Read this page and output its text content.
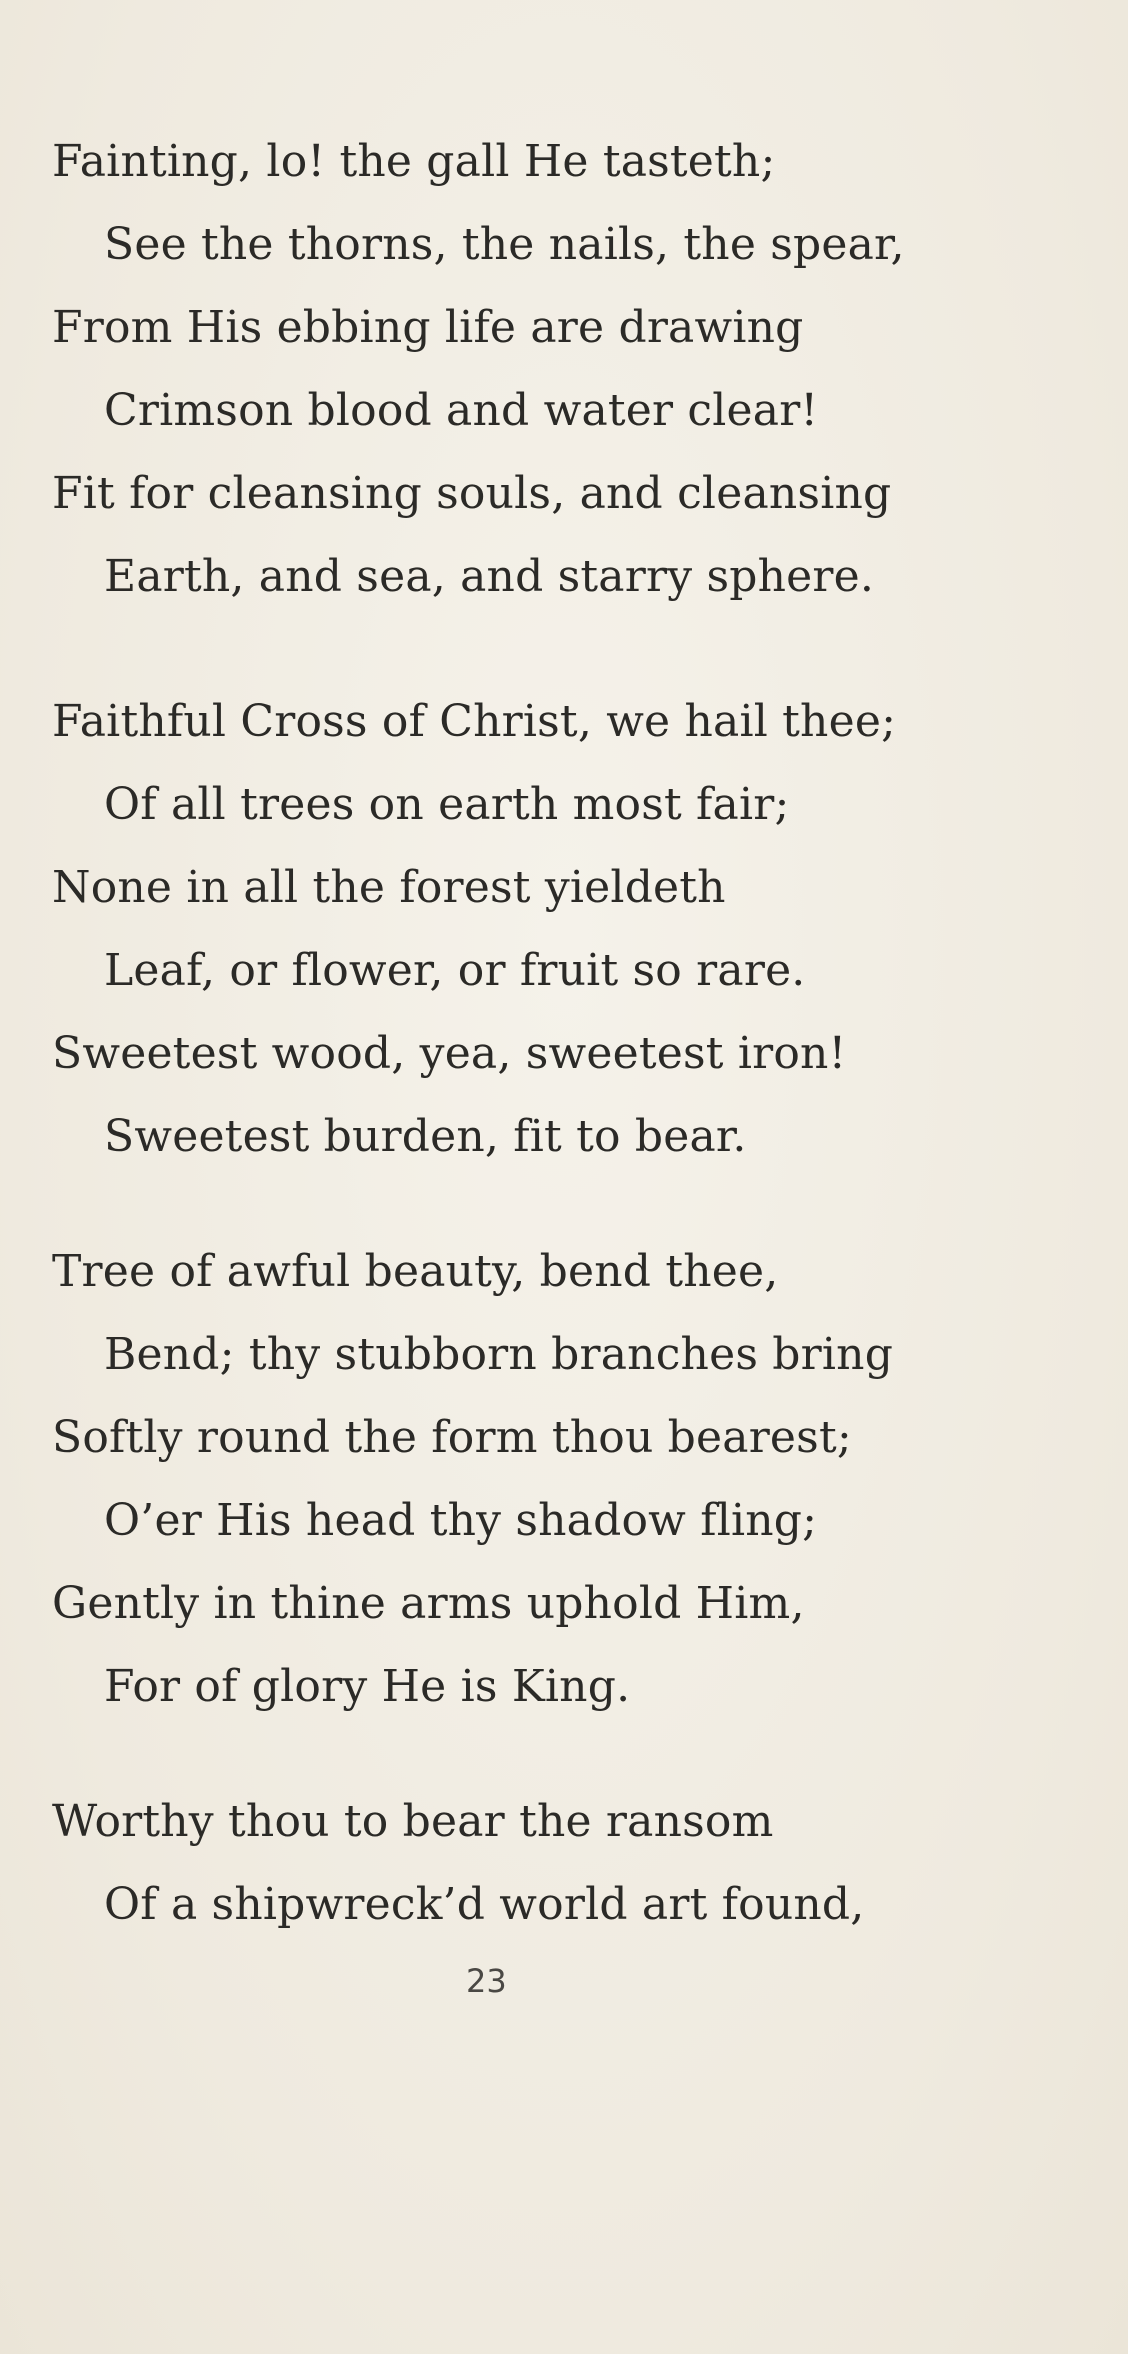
Fainting, lo! the gall He tasteth;
See the thorns, the nails, the spear,
From His ebbing life are drawing
Crimson blood and water clear!
Fit for cleansing souls, and cleansing
Earth, and sea, and starry sphere.
Faithful Cross of Christ, we hail thee;
Of all trees on earth most fair;
None in all the forest yieldeth
Leaf, or flower, or fruit so rare.
Sweetest wood, yea, sweetest iron!
Sweetest burden, fit to bear.
Tree of awful beauty, bend thee,
Bend; thy stubborn branches bring
Softly round the form thou bearest;
O’er His head thy shadow fling;
Gently in thine arms uphold Him,
For of glory He is King.
Worthy thou to bear the ransom
Of a shipwreck’d world art found,
23
